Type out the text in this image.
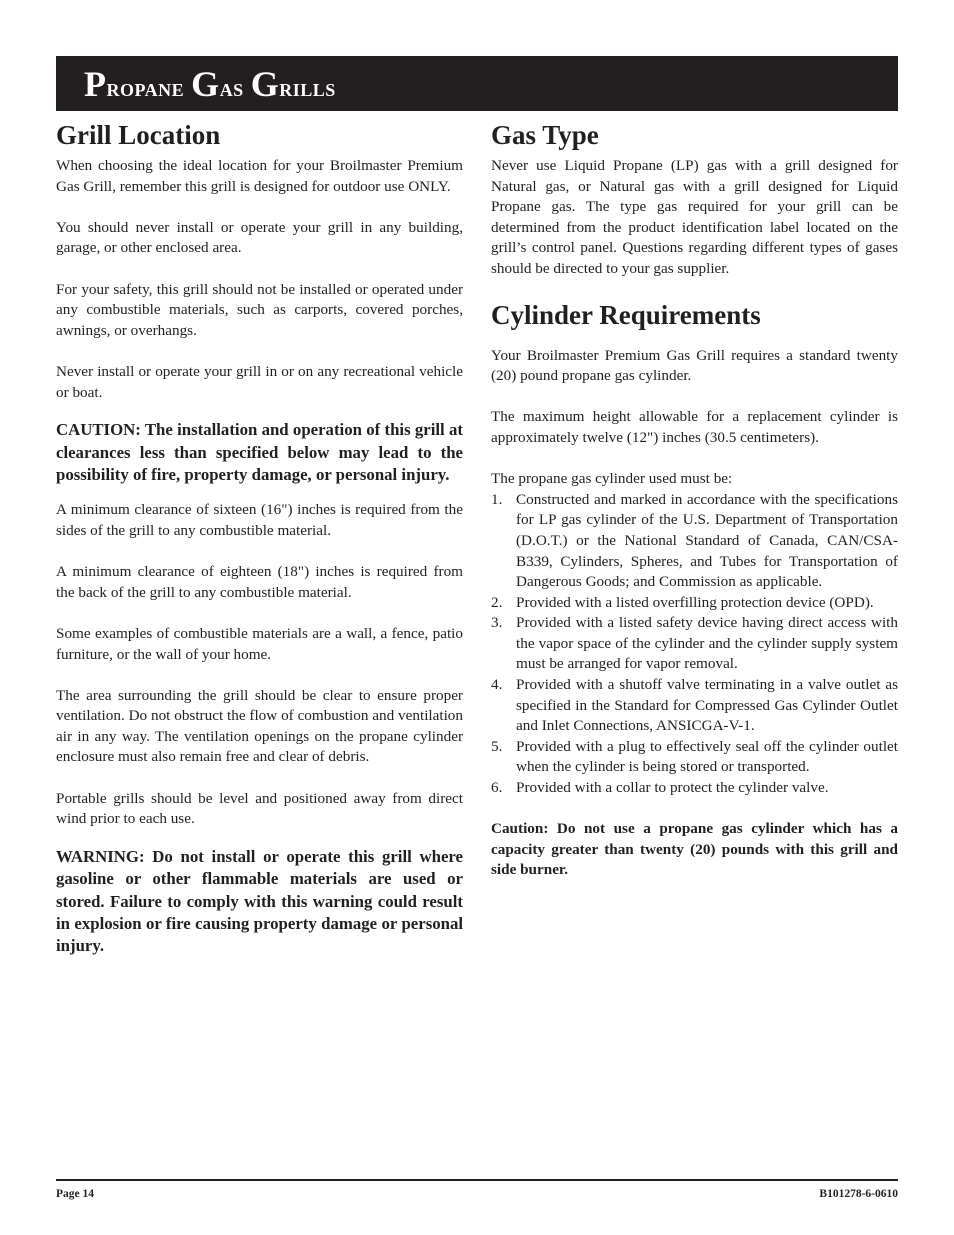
Propane Gas Grills
Grill Location

When choosing the ideal location for your Broilmaster Premium Gas Grill, remember this grill is designed for outdoor use ONLY.

You should never install or operate your grill in any building, garage, or other enclosed area.

For your safety, this grill should not be installed or operated under any combustible materials, such as carports, covered porches, awnings, or overhangs.

Never install or operate your grill in or on any recreational vehicle or boat.

CAUTION: The installation and operation of this grill at clearances less than specified below may lead to the possibility of fire, property damage, or personal injury.

A minimum clearance of sixteen (16") inches is required from the sides of the grill to any combustible material.

A minimum clearance of eighteen (18") inches is required from the back of the grill to any combustible material.

Some examples of combustible materials are a wall, a fence, patio furniture, or the wall of your home.

The area surrounding the grill should be clear to ensure proper ventilation. Do not obstruct the flow of combustion and ventilation air in any way. The ventilation openings on the propane cylinder enclosure must also remain free and clear of debris.

Portable grills should be level and positioned away from direct wind prior to each use.

WARNING: Do not install or operate this grill where gasoline or other flammable materials are used or stored. Failure to comply with this warning could result in explosion or fire causing property damage or personal injury.

Gas Type

Never use Liquid Propane (LP) gas with a grill designed for Natural gas, or Natural gas with a grill designed for Liquid Propane gas. The type gas required for your grill can be determined from the product identification label located on the grill’s control panel. Questions regarding different types of gases should be directed to your gas supplier.

Cylinder Requirements

Your Broilmaster Premium Gas Grill requires a standard twenty (20) pound propane gas cylinder.

The maximum height allowable for a replacement cylinder is approximately twelve (12") inches (30.5 centimeters).

The propane gas cylinder used must be:

1. Constructed and marked in accordance with the specifications for LP gas cylinder of the U.S. Department of Transportation (D.O.T.) or the National Standard of Canada, CAN/CSA-B339, Cylinders, Spheres, and Tubes for Transportation of Dangerous Goods; and Commission as applicable.
2. Provided with a listed overfilling protection device (OPD).
3. Provided with a listed safety device having direct access with the vapor space of the cylinder and the cylinder supply system must be arranged for vapor removal.
4. Provided with a shutoff valve terminating in a valve outlet as specified in the Standard for Compressed Gas Cylinder Outlet and Inlet Connections, ANSICGA-V-1.
5. Provided with a plug to effectively seal off the cylinder outlet when the cylinder is being stored or transported.
6. Provided with a collar to protect the cylinder valve.

Caution: Do not use a propane gas cylinder which has a capacity greater than twenty (20) pounds with this grill and side burner.

Page 14	B101278-6-0610
